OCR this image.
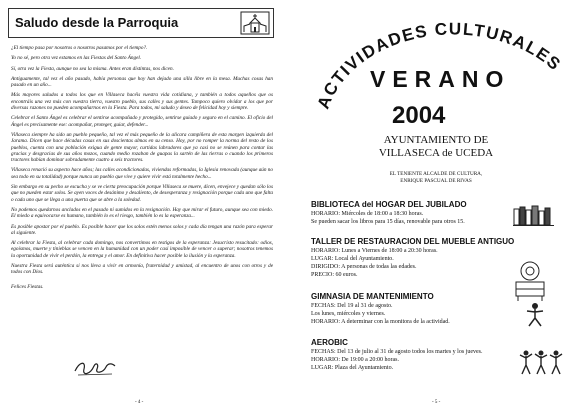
Saludo desde la Parroquia

¿El tiempo pasa por nosotros o nosotros pasamos por el tiempo?.

Yo no sé, pero otra vez estamos en las Fiestas del Santo Ángel.

Sí, otra vez la Fiesta, aunque no sea la misma. Antes eran distintas, nos dicen.

Antiguamente, tal vez el año pasado, había personas que hoy han dejado una silla libre en la mesa. Muchas cosas han pasado en un año...

Más mayores saludos a todos los que en Villaseca hacéis vuestra vida cotidiana, y también a todos aquellos que os encontráis una vez más con vuestra tierra, vuestro pueblo, sus calles y sus gentes. Tampoco quiero olvidar a los que por diversas razones no pueden acompañarnos en la Fiesta. Para todos, mi saludo y deseo de felicidad hoy y siempre.

Celebrar el Santo Ángel es celebrar el sentirse acompañado y protegido, sentirse guiado y seguro en el camino. El oficio del Ángel es precisamente ese: acompañar, proteger, guiar, defender...

Villaseca siempre ha sido un pueblo pequeño, tal vez el más pequeño de la alicara campiñera de esta margen izquierda del Jarama. Dicen que hace décadas casas en sus doscientas almas en su censo. Hoy, por no romper la norma del resto de los pueblos, cuenta con una población exigua de gente mayor, curtidas labradores que ya casi no se reúnen para contar las gracias y desgracias de sus años mozos, cuando medio rozaban de guapas la sartén de las tierras o cuando los primeros tractores habían dominar sobradamente cuatro a seis tractores.

Villaseca renació su aspecto hace años; las calles acondicionadas, viviendas reformadas, la Iglesia renovada (aunque aún no sea todo en su totalidad) porque nunca un pueblo que vive y quiere vivir está totalmente hecho...

Sin embargo en su pecho se escucha y se ve cierta preocupación porque Villaseca se muere, dicen, envejece y quedan sólo los que no pueden estar solos. Se ayen voces de desánimo y desaliento, de desesperanza y resignación porque cada uno que falta o cada uno que se llega a una puerta que se abre a la soledad.

No podemos quedarnos anclados en el pasado ni sumidos en la resignación. Hay que mirar el futuro, aunque sea con miedo. El miedo a equivocarse es humano, también lo es el riesgo, también lo es la esperanza...

Es posible apostar por el pueblo. Es posible hacer que los solos estén menos solos y cada día tengan una razón para esperar al siguiente.

Al celebrar la Fiesta, al celebrar cada domingo, nos convertimos en testigos de la esperanza: Jesucristo resucitado: odios, egoísmos, muerte y tinieblas se vencen en la humanidad con un poder casi imposible de vencer o superar; nosotros tenemos la oportunidad de vivir el perdón, la entrega y el amor. En definitiva hacer posible la ilusión y la esperanza.

Nuestra Fiesta será auténtica si nos lleva a vivir en armonía, fraternidad y amistad, al encuentro de unos con otros y de todos con Dios.

Felices Fiestas.

- 4 -
ACTIVIDADES CULTURALES
VERANO
2004
AYUNTAMIENTO DE
VILLASECA de UCEDA
EL TENIENTE ALCALDE DE CULTURA,
ENRIQUE PASCUAL DE RIVAS
BIBLIOTECA del HOGAR DEL JUBILADO
HORARIO: Miércoles de 18:00 a 18:30 horas.
Se pueden sacar los libros para 15 días, renovable para otros 15.
TALLER DE RESTAURACION DEL MUEBLE ANTIGUO
HORARIO: Lunes a Viernes de 18:00 a 20:30 horas.
LUGAR: Local del Ayuntamiento.
DIRIGIDO: A personas de todas las edades.
PRECIO: 60 euros.
GIMNASIA DE MANTENIMIENTO
FECHAS: Del 19 al 31 de agosto.
Los lunes, miércoles y viernes.
HORARIO: A determinar con la monitora de la actividad.
AEROBIC
FECHAS: Del 13 de julio al 31 de agosto todos los martes y los jueves.
HORARIO: De 19:00 a 20:00 horas.
LUGAR: Plaza del Ayuntamiento.
- 5 -
